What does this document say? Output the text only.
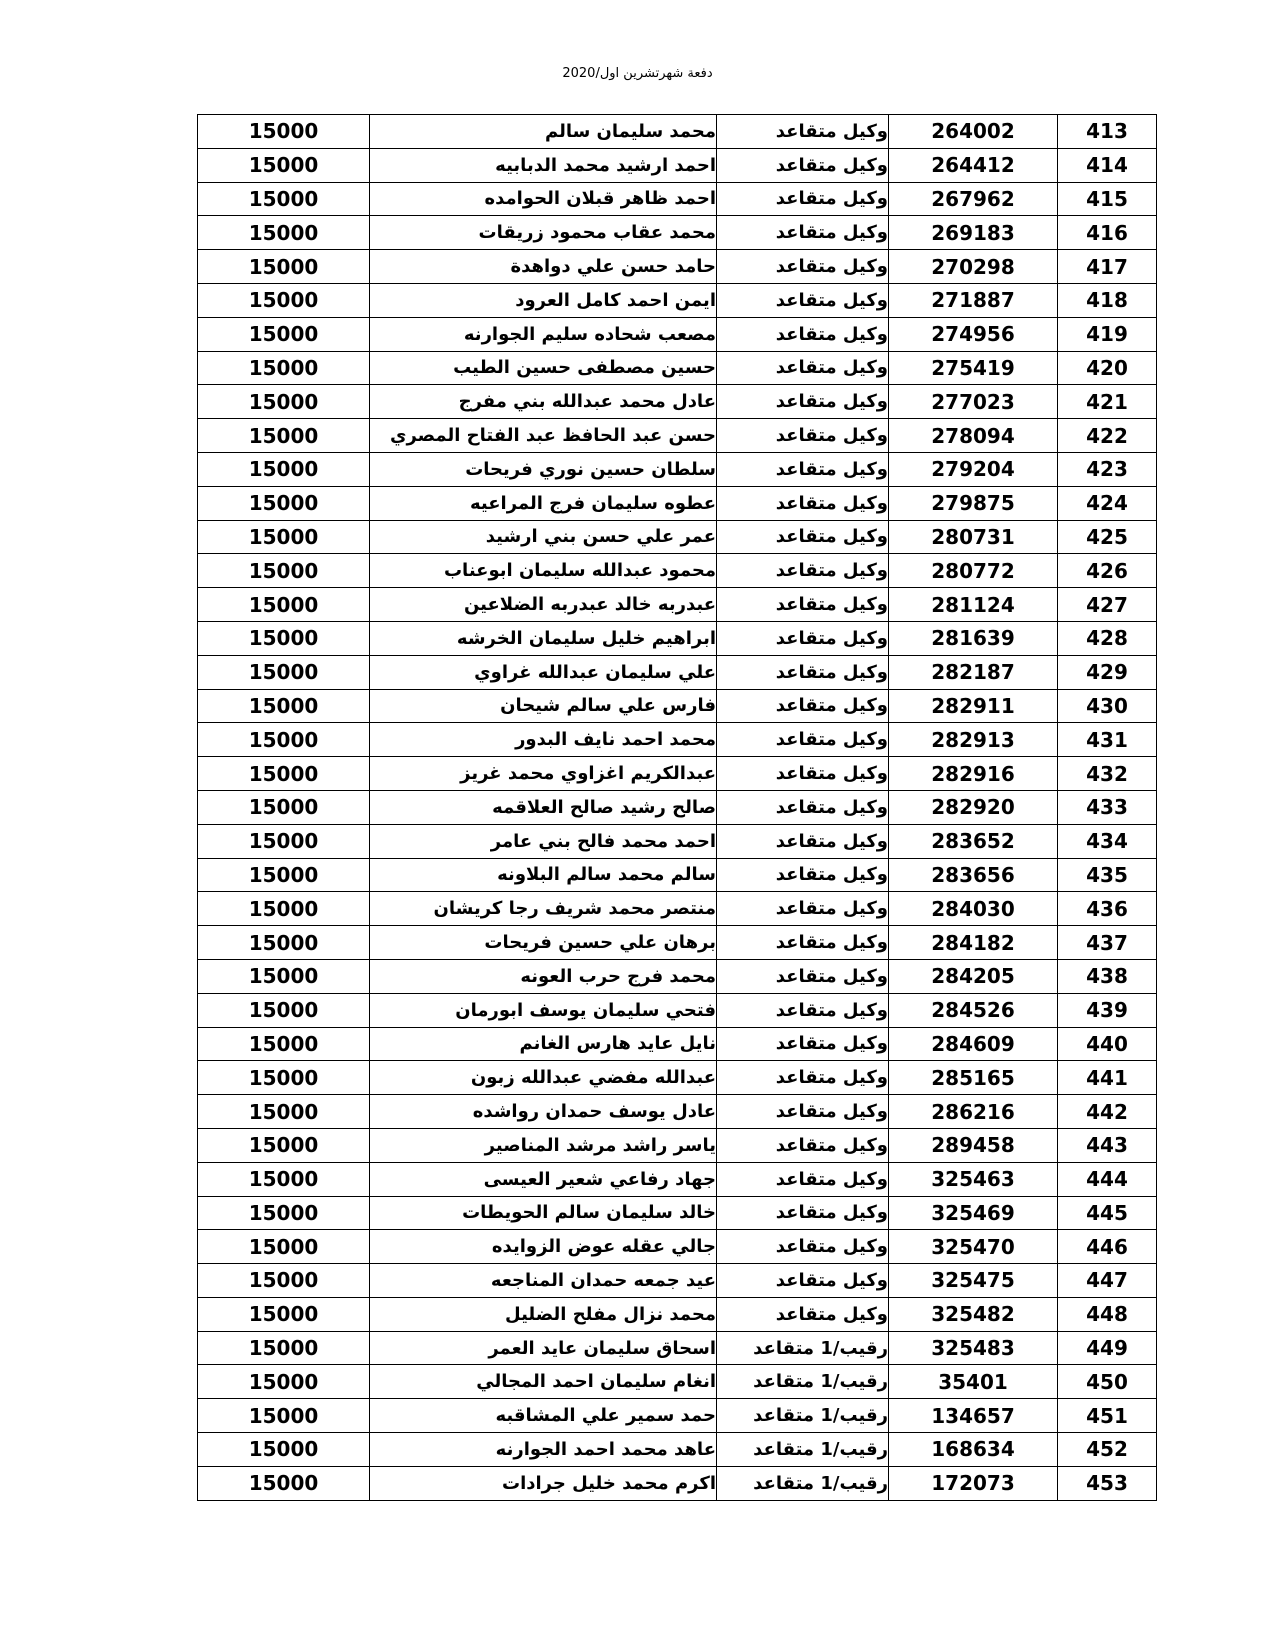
دفعة شهرتشرين اول/2020
413	264002	وكيل متقاعد	محمد سليمان سالم	15000
414	264412	وكيل متقاعد	احمد ارشيد محمد الدبابيه	15000
415	267962	وكيل متقاعد	احمد ظاهر قبلان الحوامده	15000
416	269183	وكيل متقاعد	محمد عقاب محمود زريقات	15000
417	270298	وكيل متقاعد	حامد حسن علي دواهدة	15000
418	271887	وكيل متقاعد	ايمن احمد كامل العرود	15000
419	274956	وكيل متقاعد	مصعب شحاده سليم الجوارنه	15000
420	275419	وكيل متقاعد	حسين مصطفى حسين الطيب	15000
421	277023	وكيل متقاعد	عادل محمد عبدالله بني مفرج	15000
422	278094	وكيل متقاعد	حسن عبد الحافظ عبد الفتاح المصري	15000
423	279204	وكيل متقاعد	سلطان حسين نوري فريحات	15000
424	279875	وكيل متقاعد	عطوه سليمان فرج المراعيه	15000
425	280731	وكيل متقاعد	عمر علي حسن بني ارشيد	15000
426	280772	وكيل متقاعد	محمود عبدالله سليمان ابوعناب	15000
427	281124	وكيل متقاعد	عبدربه خالد عبدربه الضلاعين	15000
428	281639	وكيل متقاعد	ابراهيم خليل سليمان الخرشه	15000
429	282187	وكيل متقاعد	علي سليمان عبدالله غراوي	15000
430	282911	وكيل متقاعد	فارس علي سالم شيحان	15000
431	282913	وكيل متقاعد	محمد احمد نايف البدور	15000
432	282916	وكيل متقاعد	عبدالكريم اغزاوي محمد غريز	15000
433	282920	وكيل متقاعد	صالح رشيد صالح العلاقمه	15000
434	283652	وكيل متقاعد	احمد محمد فالح بني عامر	15000
435	283656	وكيل متقاعد	سالم محمد سالم البلاونه	15000
436	284030	وكيل متقاعد	منتصر محمد شريف رجا كريشان	15000
437	284182	وكيل متقاعد	برهان علي حسين فريحات	15000
438	284205	وكيل متقاعد	محمد فرج حرب العونه	15000
439	284526	وكيل متقاعد	فتحي سليمان يوسف ابورمان	15000
440	284609	وكيل متقاعد	نايل عايد هارس الغانم	15000
441	285165	وكيل متقاعد	عبدالله مفضي عبدالله زبون	15000
442	286216	وكيل متقاعد	عادل يوسف حمدان رواشده	15000
443	289458	وكيل متقاعد	ياسر راشد مرشد المناصير	15000
444	325463	وكيل متقاعد	جهاد رفاعي شعير العيسى	15000
445	325469	وكيل متقاعد	خالد سليمان سالم الحويطات	15000
446	325470	وكيل متقاعد	جالي عقله عوض الزوايده	15000
447	325475	وكيل متقاعد	عيد جمعه حمدان المناجعه	15000
448	325482	وكيل متقاعد	محمد نزال مفلح الضليل	15000
449	325483	رقيب/1 متقاعد	اسحاق سليمان عايد العمر	15000
450	35401	رقيب/1 متقاعد	انغام سليمان احمد المجالي	15000
451	134657	رقيب/1 متقاعد	حمد سمير علي المشاقبه	15000
452	168634	رقيب/1 متقاعد	عاهد محمد احمد الجوارنه	15000
453	172073	رقيب/1 متقاعد	اكرم محمد خليل جرادات	15000
